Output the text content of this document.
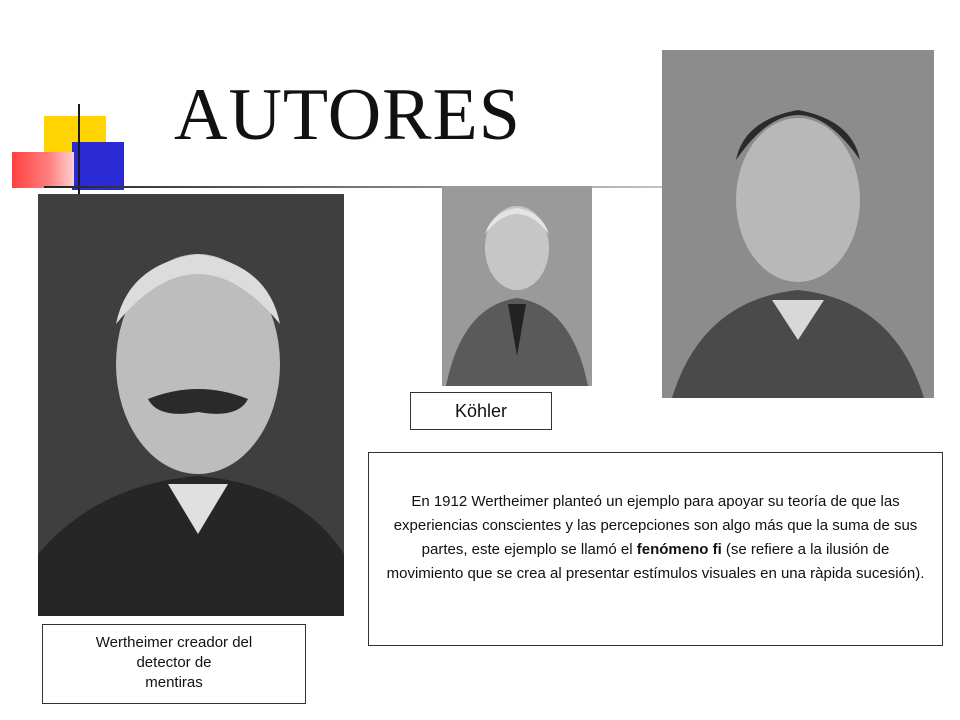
AUTORES
Köhler
Wertheimer creador del
detector de
mentiras
En 1912 Wertheimer planteó un ejemplo para apoyar su teoría de que las experiencias conscientes y las percepciones son algo más que la suma de sus partes, este ejemplo se llamó el fenómeno fi (se refiere a la ilusión de movimiento que se crea al presentar estímulos visuales en una ràpida sucesión).
